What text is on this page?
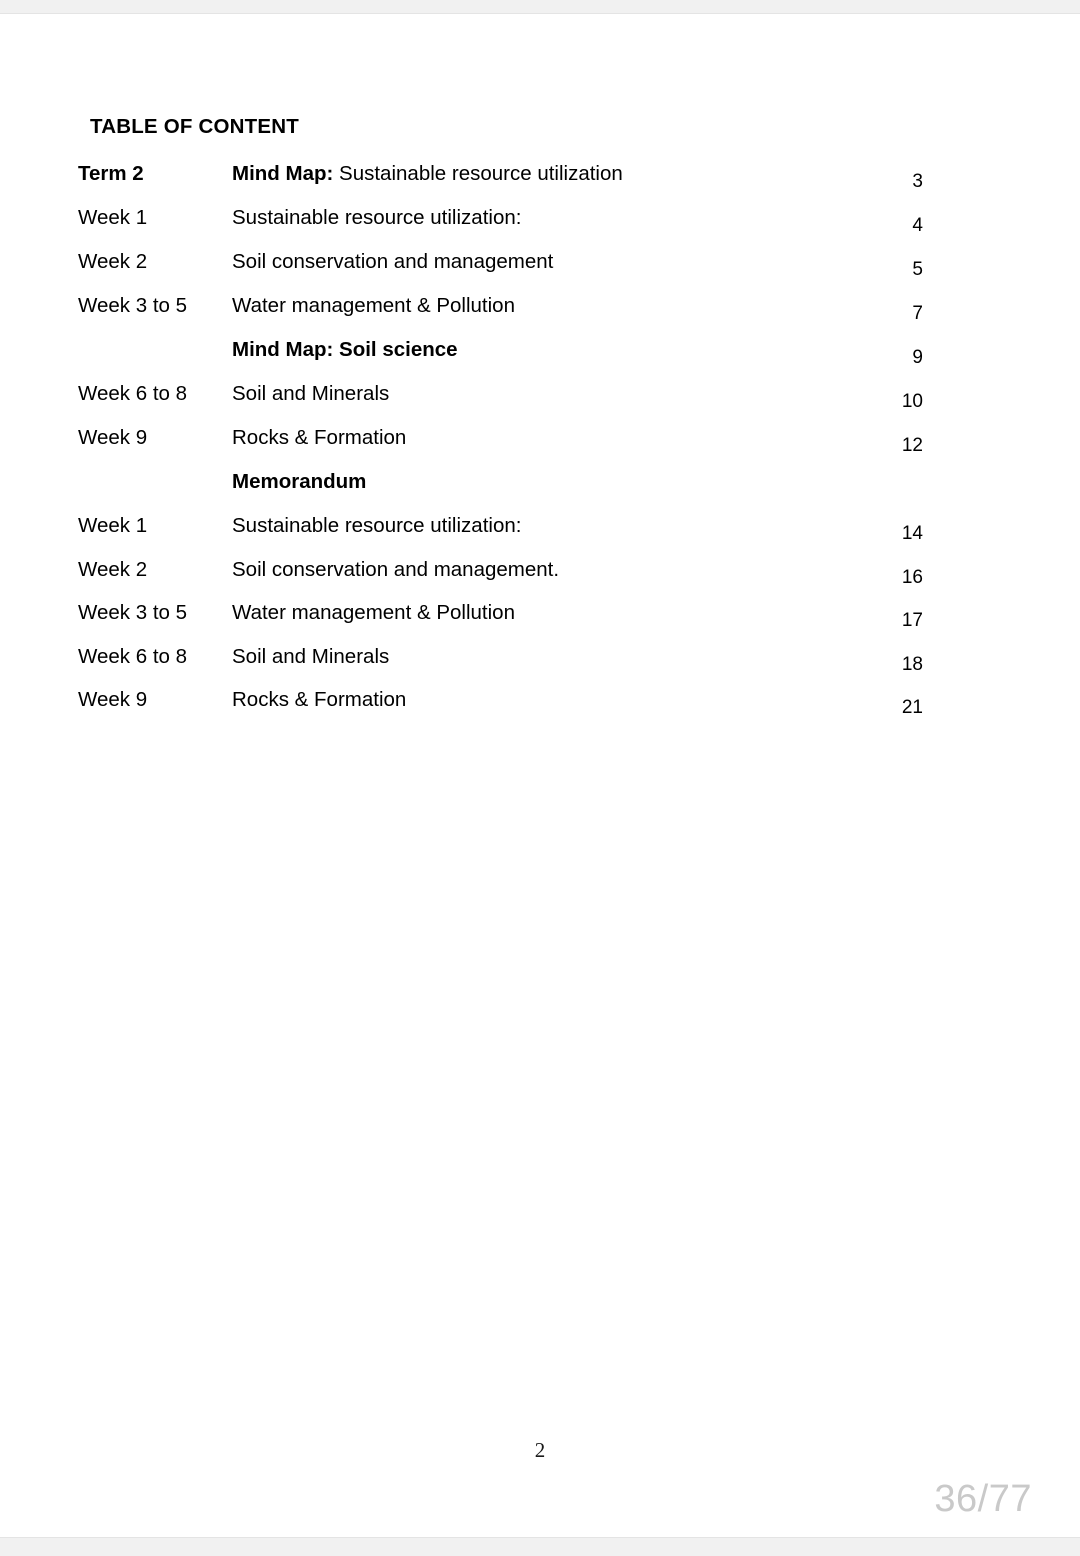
TABLE OF CONTENT
Term 2	Mind Map: Sustainable resource utilization	3
Week 1	Sustainable resource utilization:	4
Week 2	Soil conservation and management	5
Week 3 to 5	Water management & Pollution	7
Mind Map: Soil science	9
Week 6 to 8	Soil and Minerals	10
Week 9	Rocks & Formation	12
Memorandum
Week 1	Sustainable resource utilization:	14
Week 2	Soil conservation and management.	16
Week 3 to 5	Water management & Pollution	17
Week 6 to 8	Soil and Minerals	18
Week 9	Rocks & Formation	21
2
36/77
